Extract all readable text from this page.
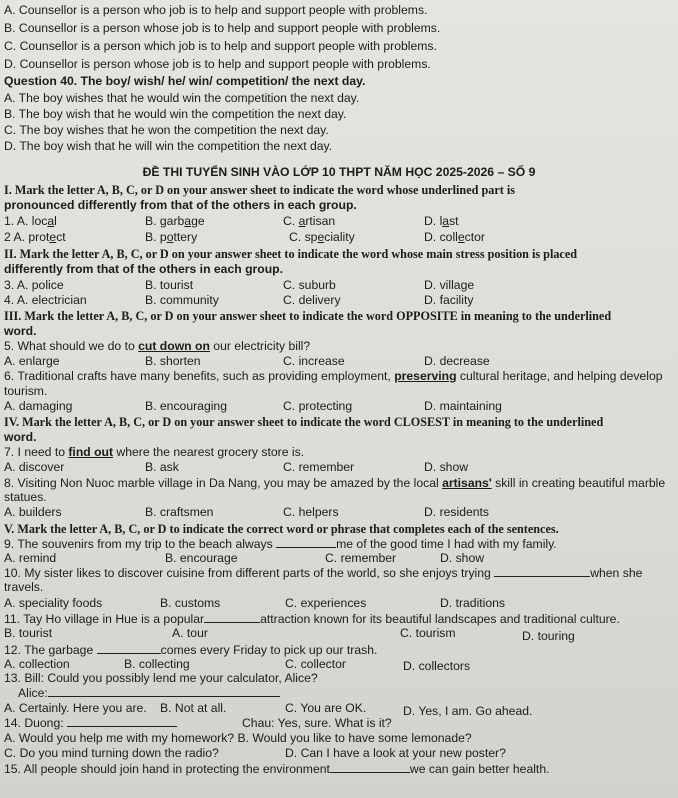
A. Counsellor is a person who job is to help and support people with problems.
B. Counsellor is a person whose job is to help and support people with problems.
C. Counsellor is a person which job is to help and support people with problems.
D. Counsellor is person whose job is to help and support people with problems.
Question 40. The boy/ wish/ he/ win/ competition/ the next day.
A. The boy wishes that he would win the competition the next day.
B. The boy wish that he would win the competition the next day.
C. The boy wishes that he won the competition the next day.
D. The boy wish that he will win the competition the next day.
ĐỀ THI TUYỂN SINH VÀO LỚP 10 THPT NĂM HỌC 2025-2026 – SỐ 9
I. Mark the letter A, B, C, or D on your answer sheet to indicate the word whose underlined part is
pronounced differently from that of the others in each group.
1. A. local	B. garbage	C. artisan	D. last
2 A. protect	B. pottery	C. speciality	D. collector
II. Mark the letter A, B, C, or D on your answer sheet to indicate the word whose main stress position is placed
differently from that of the others in each group.
3. A. police	B. tourist	C. suburb	D. village
4. A. electrician	B. community	C. delivery	D. facility
III. Mark the letter A, B, C, or D on your answer sheet to indicate the word OPPOSITE in meaning to the underlined
word.
5. What should we do to cut down on our electricity bill?
A. enlarge	B. shorten	C. increase	D. decrease
6. Traditional crafts have many benefits, such as providing employment, preserving cultural heritage, and helping develop
tourism.
A. damaging	B. encouraging	C. protecting	D. maintaining
IV. Mark the letter A, B, C, or D on your answer sheet to indicate the word CLOSEST in meaning to the underlined
word.
7. I need to find out where the nearest grocery store is.
A. discover	B. ask	C. remember	D. show
8. Visiting Non Nuoc marble village in Da Nang, you may be amazed by the local artisans' skill in creating beautiful marble
statues.
A. builders	B. craftsmen	C. helpers	D. residents
V. Mark the letter A, B, C, or D to indicate the correct word or phrase that completes each of the sentences.
9. The souvenirs from my trip to the beach always	me of the good time I had with my family.
A. remind	B. encourage	C. remember	D. show
10. My sister likes to discover cuisine from different parts of the world, so she enjoys trying	when she
travels.
A. speciality foods	B. customs	C. experiences	D. traditions
11. Tay Ho village in Hue is a popular	attraction known for its beautiful landscapes and traditional culture.
B. tourist	A. tour	C. tourism	D. touring
12. The garbage	comes every Friday to pick up our trash.
A. collection	B. collecting	C. collector	D. collectors
13. Bill: Could you possibly lend me your calculator, Alice?
Alice:
A. Certainly. Here you are. B. Not at all.	C. You are OK.	D. Yes, I am. Go ahead.
14. Duong:	Chau: Yes, sure. What is it?
A. Would you help me with my homework? B. Would you like to have some lemonade?
C. Do you mind turning down the radio?	D. Can I have a look at your new poster?
15. All people should join hand in protecting the environment	we can gain better health.
